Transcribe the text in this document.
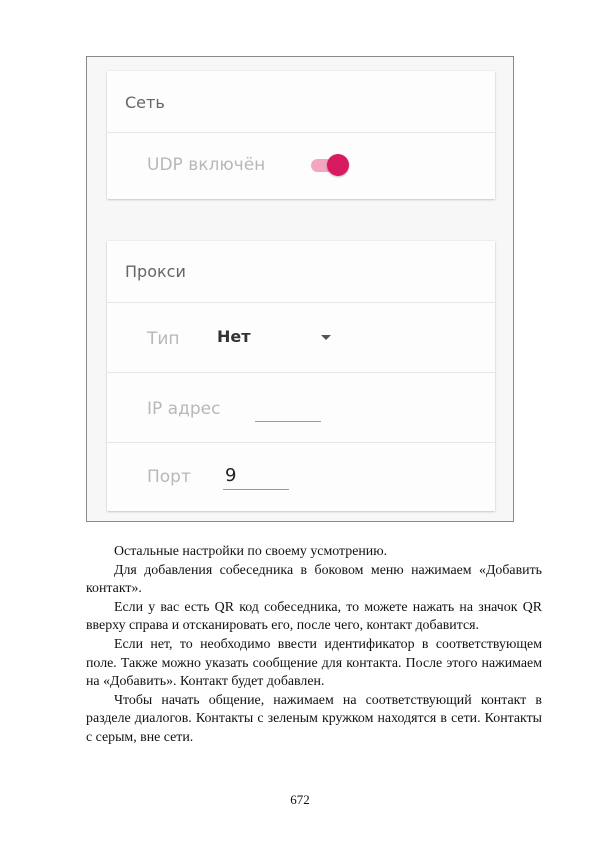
Сеть
UDP включён
Прокси
Тип Нет
IP адрес
Порт 9

Остальные настройки по своему усмотрению.

Для добавления собеседника в боковом меню нажимаем «Добавить контакт».

Если у вас есть QR код собеседника, то можете нажать на значок QR вверху справа и отсканировать его, после чего, контакт добавится.

Если нет, то необходимо ввести идентификатор в соответствующем поле. Также можно указать сообщение для контакта. После этого нажимаем на «Добавить». Контакт будет добавлен.

Чтобы начать общение, нажимаем на соответствующий контакт в разделе диалогов. Контакты с зеленым кружком находятся в сети. Контакты с серым, вне сети.

672
